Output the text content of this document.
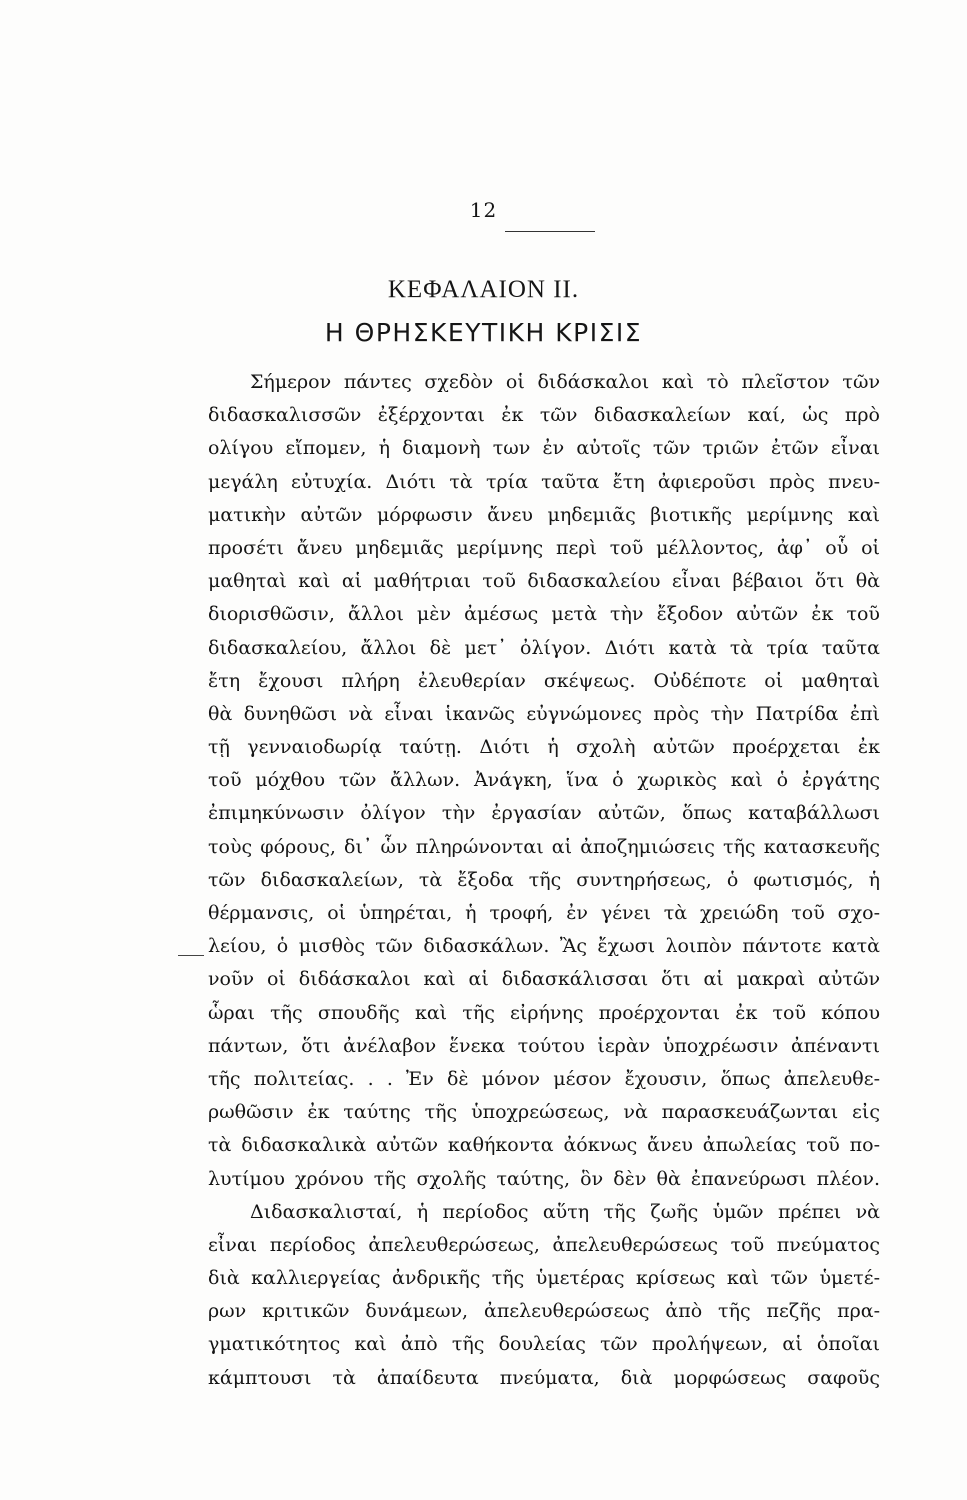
12
ΚΕΦΑΛΑΙΟΝ ΙΙ.
Η ΘΡΗΣΚΕΥΤΙΚΗ ΚΡΙΣΙΣ
Σήμερον πάντες σχεδὸν οἱ διδάσκαλοι καὶ τὸ πλεῖστον τῶν
διδασκαλισσῶν ἐξέρχονται ἐκ τῶν διδασκαλείων καί, ὡς πρὸ
ολίγου εἴπομεν, ἡ διαμονὴ των ἐν αὐτοῖς τῶν τριῶν ἐτῶν εἶναι
μεγάλη εὐτυχία. Διότι τὰ τρία ταῦτα ἔτη ἀφιεροῦσι πρὸς πνευ-
ματικὴν αὐτῶν μόρφωσιν ἄνευ μηδεμιᾶς βιοτικῆς μερίμνης καὶ
προσέτι ἄνευ μηδεμιᾶς μερίμνης περὶ τοῦ μέλλοντος, ἀφ᾽ οὗ οἱ
μαθηταὶ καὶ αἱ μαθήτριαι τοῦ διδασκαλείου εἶναι βέβαιοι ὅτι θὰ
διορισθῶσιν, ἄλλοι μὲν ἀμέσως μετὰ τὴν ἔξοδον αὐτῶν ἐκ τοῦ
διδασκαλείου, ἄλλοι δὲ μετ᾽ ὀλίγον. Διότι κατὰ τὰ τρία ταῦτα
ἔτη ἔχουσι πλήρη ἐλευθερίαν σκέψεως. Οὐδέποτε οἱ μαθηταὶ
θὰ δυνηθῶσι νὰ εἶναι ἱκανῶς εὐγνώμονες πρὸς τὴν Πατρίδα ἐπὶ
τῇ γενναιοδωρίᾳ ταύτῃ. Διότι ἡ σχολὴ αὐτῶν προέρχεται ἐκ
τοῦ μόχθου τῶν ἄλλων. Ἀνάγκη, ἵνα ὁ χωρικὸς καὶ ὁ ἐργάτης
ἐπιμηκύνωσιν ὀλίγον τὴν ἐργασίαν αὐτῶν, ὅπως καταβάλλωσι
τοὺς φόρους, δι᾽ ὧν πληρώνονται αἱ ἀποζημιώσεις τῆς κατασκευῆς
τῶν διδασκαλείων, τὰ ἔξοδα τῆς συντηρήσεως, ὁ φωτισμός, ἡ
θέρμανσις, οἱ ὑπηρέται, ἡ τροφή, ἐν γένει τὰ χρειώδη τοῦ σχο-
λείου, ὁ μισθὸς τῶν διδασκάλων. Ἂς ἔχωσι λοιπὸν πάντοτε κατὰ
νοῦν οἱ διδάσκαλοι καὶ αἱ διδασκάλισσαι ὅτι αἱ μακραὶ αὐτῶν
ὧραι τῆς σπουδῆς καὶ τῆς εἰρήνης προέρχονται ἐκ τοῦ κόπου
πάντων, ὅτι ἀνέλαβον ἕνεκα τούτου ἱερὰν ὑποχρέωσιν ἀπέναντι
τῆς πολιτείας. . . Ἐν δὲ μόνον μέσον ἔχουσιν, ὅπως ἀπελευθε-
ρωθῶσιν ἐκ ταύτης τῆς ὑποχρεώσεως, νὰ παρασκευάζωνται εἰς
τὰ διδασκαλικὰ αὐτῶν καθήκοντα ἀόκνως ἄνευ ἀπωλείας τοῦ πο-
λυτίμου χρόνου τῆς σχολῆς ταύτης, ὃν δὲν θὰ ἐπανεύρωσι πλέον.
Διδασκαλισταί, ἡ περίοδος αὕτη τῆς ζωῆς ὑμῶν πρέπει νὰ
εἶναι περίοδος ἀπελευθερώσεως, ἀπελευθερώσεως τοῦ πνεύματος
διὰ καλλιεργείας ἀνδρικῆς τῆς ὑμετέρας κρίσεως καὶ τῶν ὑμετέ-
ρων κριτικῶν δυνάμεων, ἀπελευθερώσεως ἀπὸ τῆς πεζῆς πρα-
γματικότητος καὶ ἀπὸ τῆς δουλείας τῶν προλήψεων, αἱ ὁποῖαι
κάμπτουσι τὰ ἀπαίδευτα πνεύματα, διὰ μορφώσεως σαφοῦς
